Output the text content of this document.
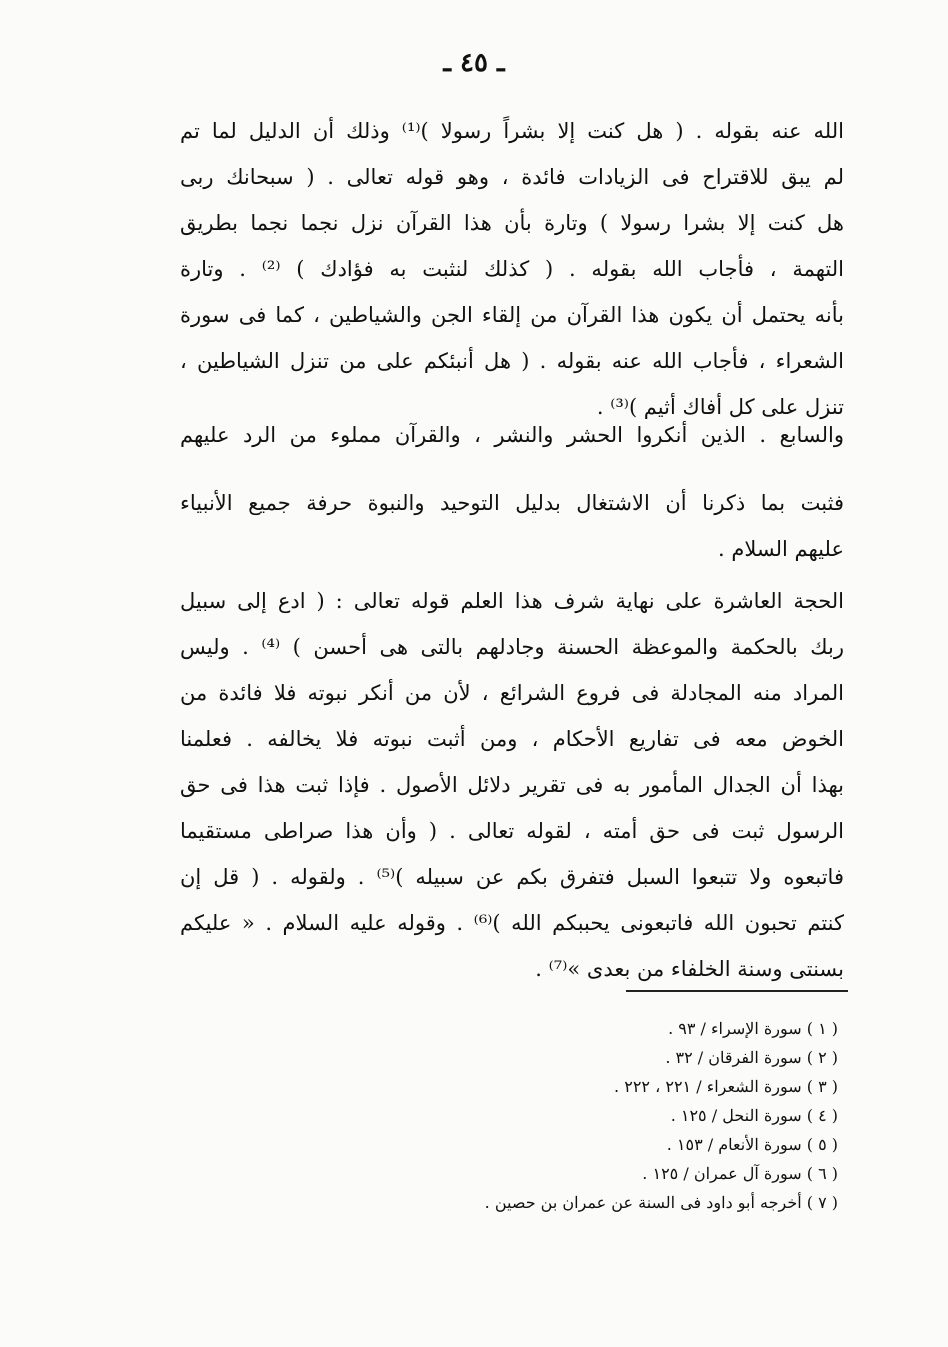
ـ ٤٥ ـ
الله عنه بقوله . ( هل كنت إلا بشراً رسولا )⁽¹⁾ وذلك أن الدليل لما تم
لم يبق للاقتراح فى الزيادات فائدة ، وهو قوله تعالى . ( سبحانك ربى
هل كنت إلا بشرا رسولا ) وتارة بأن هذا القرآن نزل نجما نجما بطريق
التهمة ، فأجاب الله بقوله . ( كذلك لنثبت به فؤادك ) ⁽²⁾ . وتارة
بأنه يحتمل أن يكون هذا القرآن من إلقاء الجن والشياطين ، كما فى سورة
الشعراء ، فأجاب الله عنه بقوله . ( هل أنبئكم على من تنزل الشياطين ،
تنزل على كل أفاك أثيم )⁽³⁾ .
والسابع . الذين أنكروا الحشر والنشر ، والقرآن مملوء من الرد عليهم
فثبت بما ذكرنا أن الاشتغال بدليل التوحيد والنبوة حرفة جميع الأنبياء
عليهم السلام .
الحجة العاشرة على نهاية شرف هذا العلم قوله تعالى : ( ادع إلى سبيل
ربك بالحكمة والموعظة الحسنة وجادلهم بالتى هى أحسن ) ⁽⁴⁾ . وليس
المراد منه المجادلة فى فروع الشرائع ، لأن من أنكر نبوته فلا فائدة من
الخوض معه فى تفاريع الأحكام ، ومن أثبت نبوته فلا يخالفه . فعلمنا
بهذا أن الجدال المأمور به فى تقرير دلائل الأصول . فإذا ثبت هذا فى حق
الرسول ثبت فى حق أمته ، لقوله تعالى . ( وأن هذا صراطى مستقيما
فاتبعوه ولا تتبعوا السبل فتفرق بكم عن سبيله )⁽⁵⁾ . ولقوله . ( قل إن
كنتم تحبون الله فاتبعونى يحببكم الله )⁽⁶⁾ . وقوله عليه السلام . « عليكم
بسنتى وسنة الخلفاء من بعدى »⁽⁷⁾ .
( ١ ) سورة الإسراء / ٩٣ .
( ٢ ) سورة الفرقان / ٣٢ .
( ٣ ) سورة الشعراء / ٢٢١ ، ٢٢٢ .
( ٤ ) سورة النحل / ١٢٥ .
( ٥ ) سورة الأنعام / ١٥٣ .
( ٦ ) سورة آل عمران / ١٢٥ .
( ٧ ) أخرجه أبو داود فى السنة عن عمران بن حصين .
